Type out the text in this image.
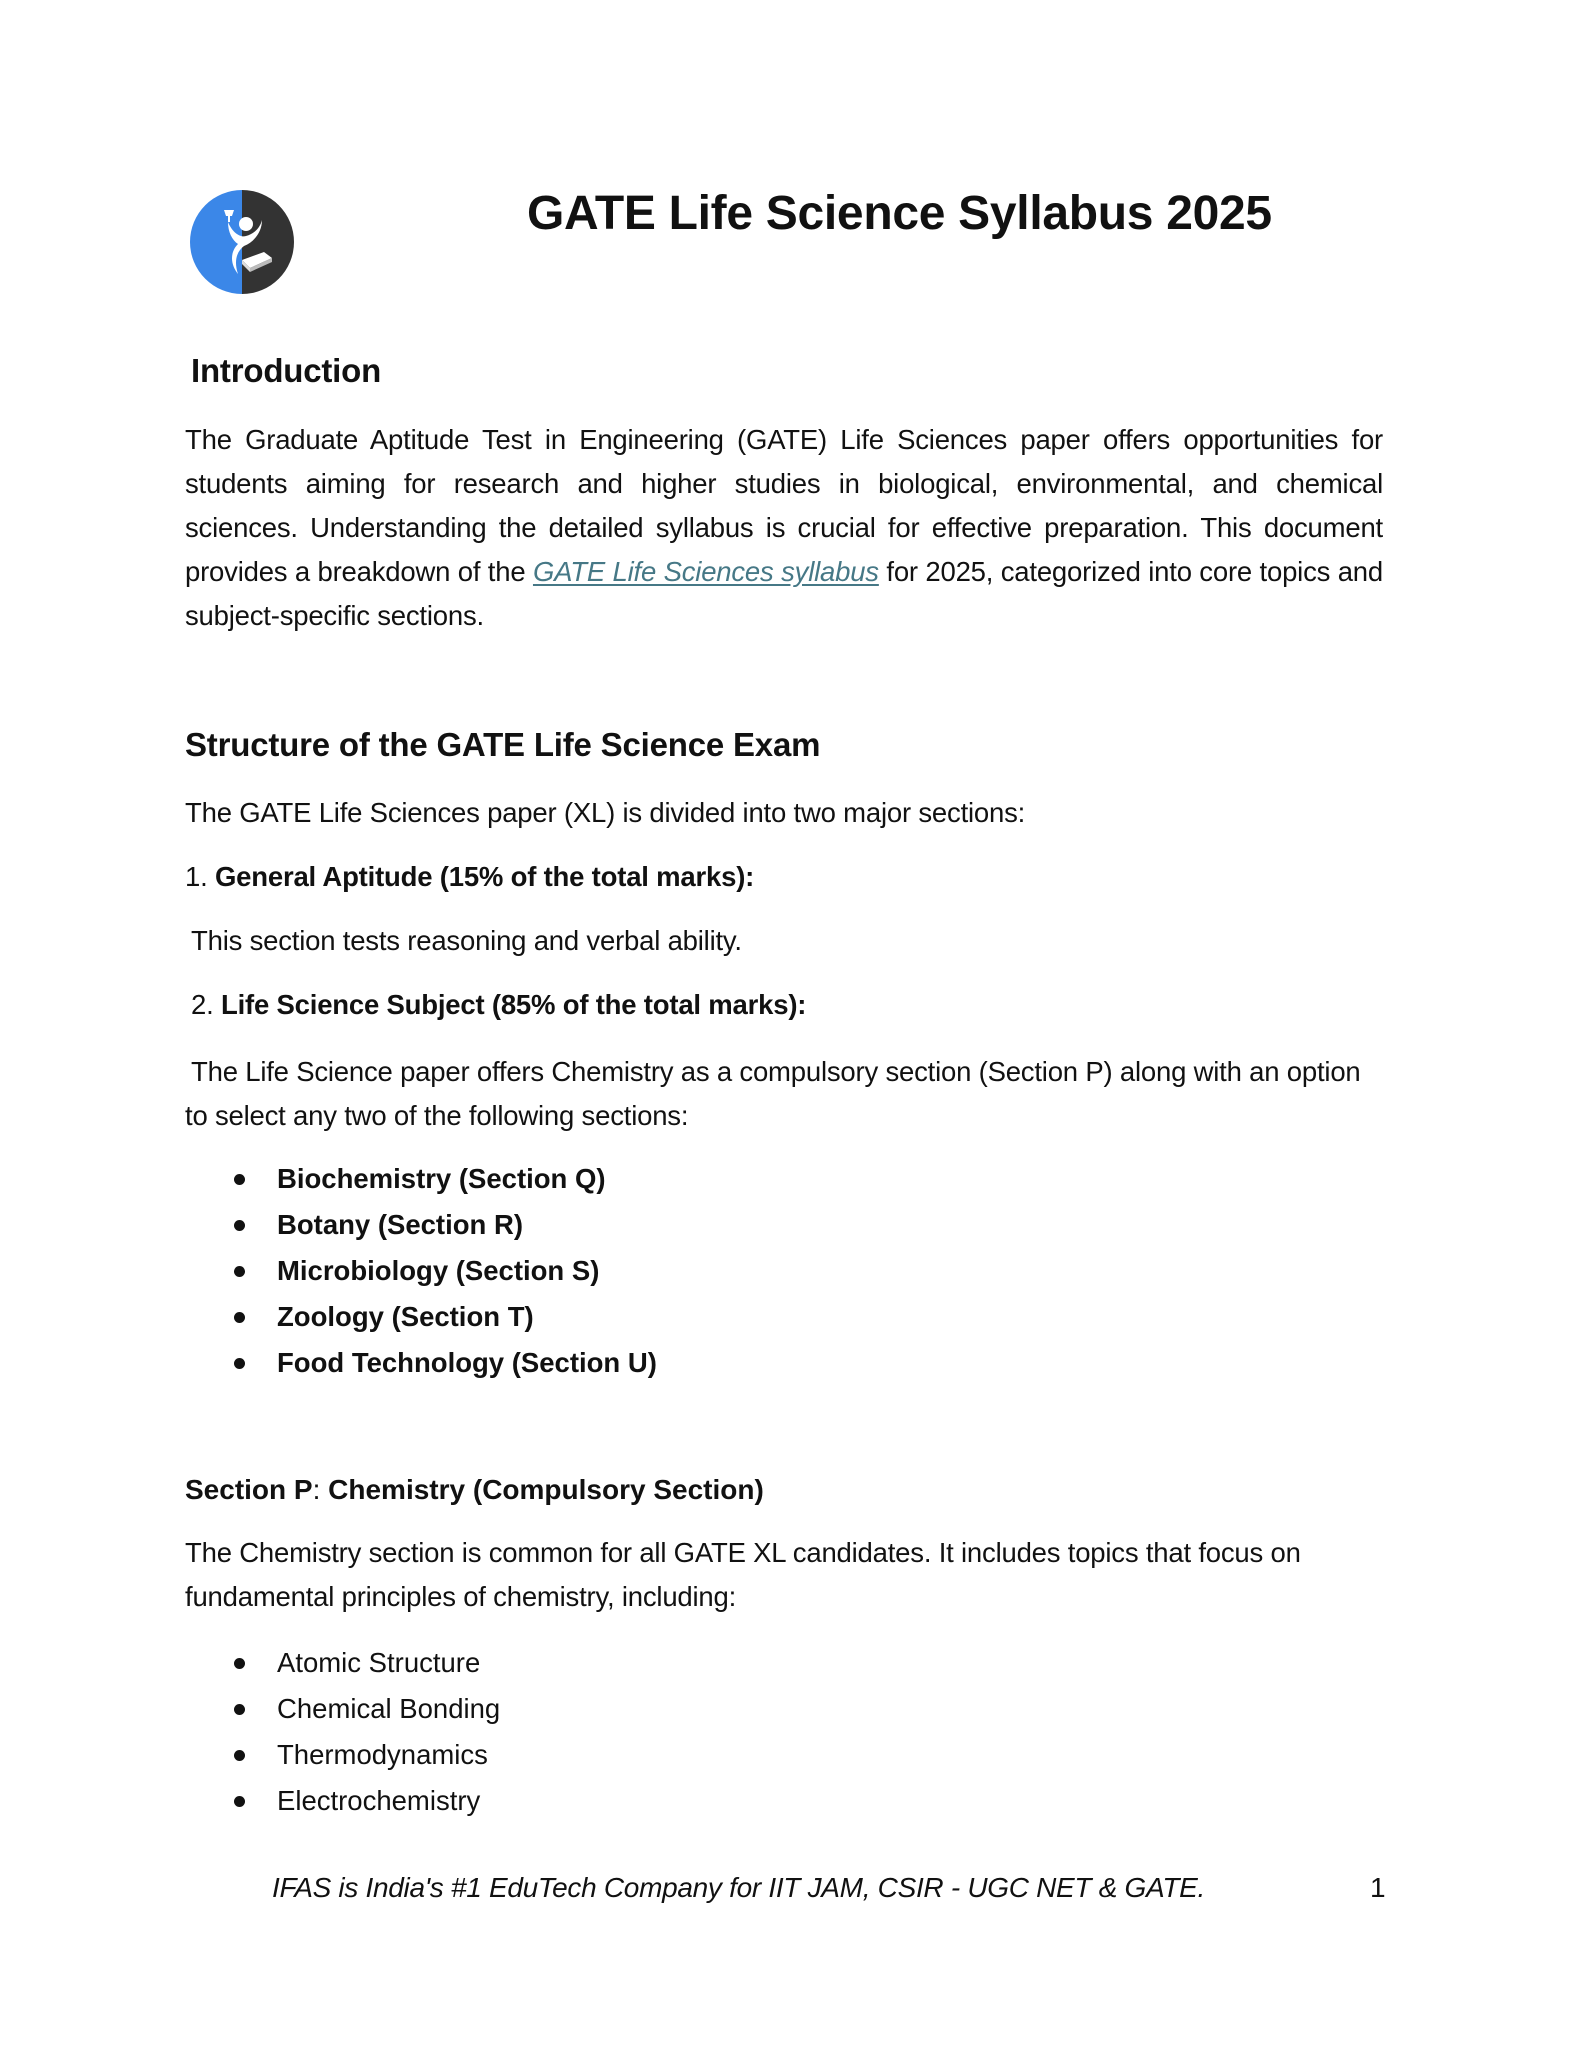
GATE Life Science Syllabus 2025
Introduction
The Graduate Aptitude Test in Engineering (GATE) Life Sciences paper offers opportunities for students aiming for research and higher studies in biological, environmental, and chemical sciences. Understanding the detailed syllabus is crucial for effective preparation. This document provides a breakdown of the GATE Life Sciences syllabus for 2025, categorized into core topics and subject-specific sections.
Structure of the GATE Life Science Exam
The GATE Life Sciences paper (XL) is divided into two major sections:
1. General Aptitude (15% of the total marks):
This section tests reasoning and verbal ability.
2. Life Science Subject (85% of the total marks):
The Life Science paper offers Chemistry as a compulsory section (Section P) along with an option to select any two of the following sections:
Biochemistry (Section Q)
Botany (Section R)
Microbiology (Section S)
Zoology (Section T)
Food Technology (Section U)
Section P: Chemistry (Compulsory Section)
The Chemistry section is common for all GATE XL candidates. It includes topics that focus on fundamental principles of chemistry, including:
Atomic Structure
Chemical Bonding
Thermodynamics
Electrochemistry
IFAS is India's #1 EduTech Company for IIT JAM, CSIR - UGC NET & GATE.	1
